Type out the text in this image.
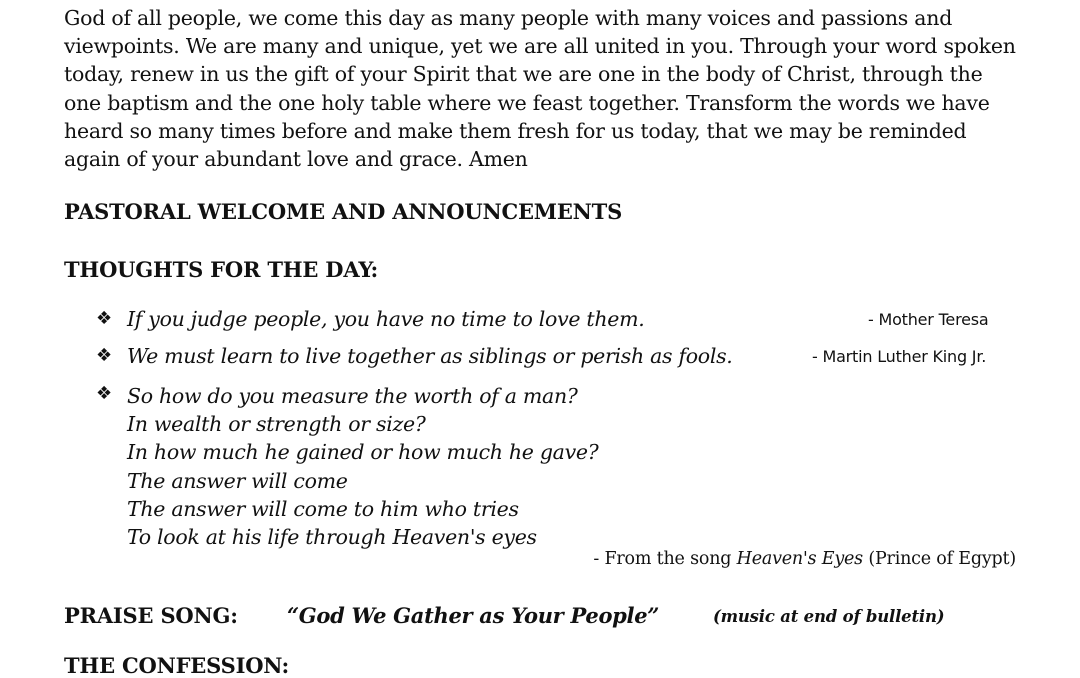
God of all people, we come this day as many people with many voices and passions and viewpoints. We are many and unique, yet we are all united in you. Through your word spoken today, renew in us the gift of your Spirit that we are one in the body of Christ, through the one baptism and the one holy table where we feast together. Transform the words we have heard so many times before and make them fresh for us today, that we may be reminded again of your abundant love and grace. Amen

PASTORAL WELCOME AND ANNOUNCEMENTS
THOUGHTS FOR THE DAY:
❖ If you judge people, you have no time to love them.	- Mother Teresa
❖ We must learn to live together as siblings or perish as fools.	- Martin Luther King Jr.
❖ So how do you measure the worth of a man?
In wealth or strength or size?
In how much he gained or how much he gave?
The answer will come
The answer will come to him who tries
To look at his life through Heaven's eyes
- From the song Heaven's Eyes (Prince of Egypt)
PRAISE SONG: “God We Gather as Your People”	(music at end of bulletin)
THE CONFESSION:
